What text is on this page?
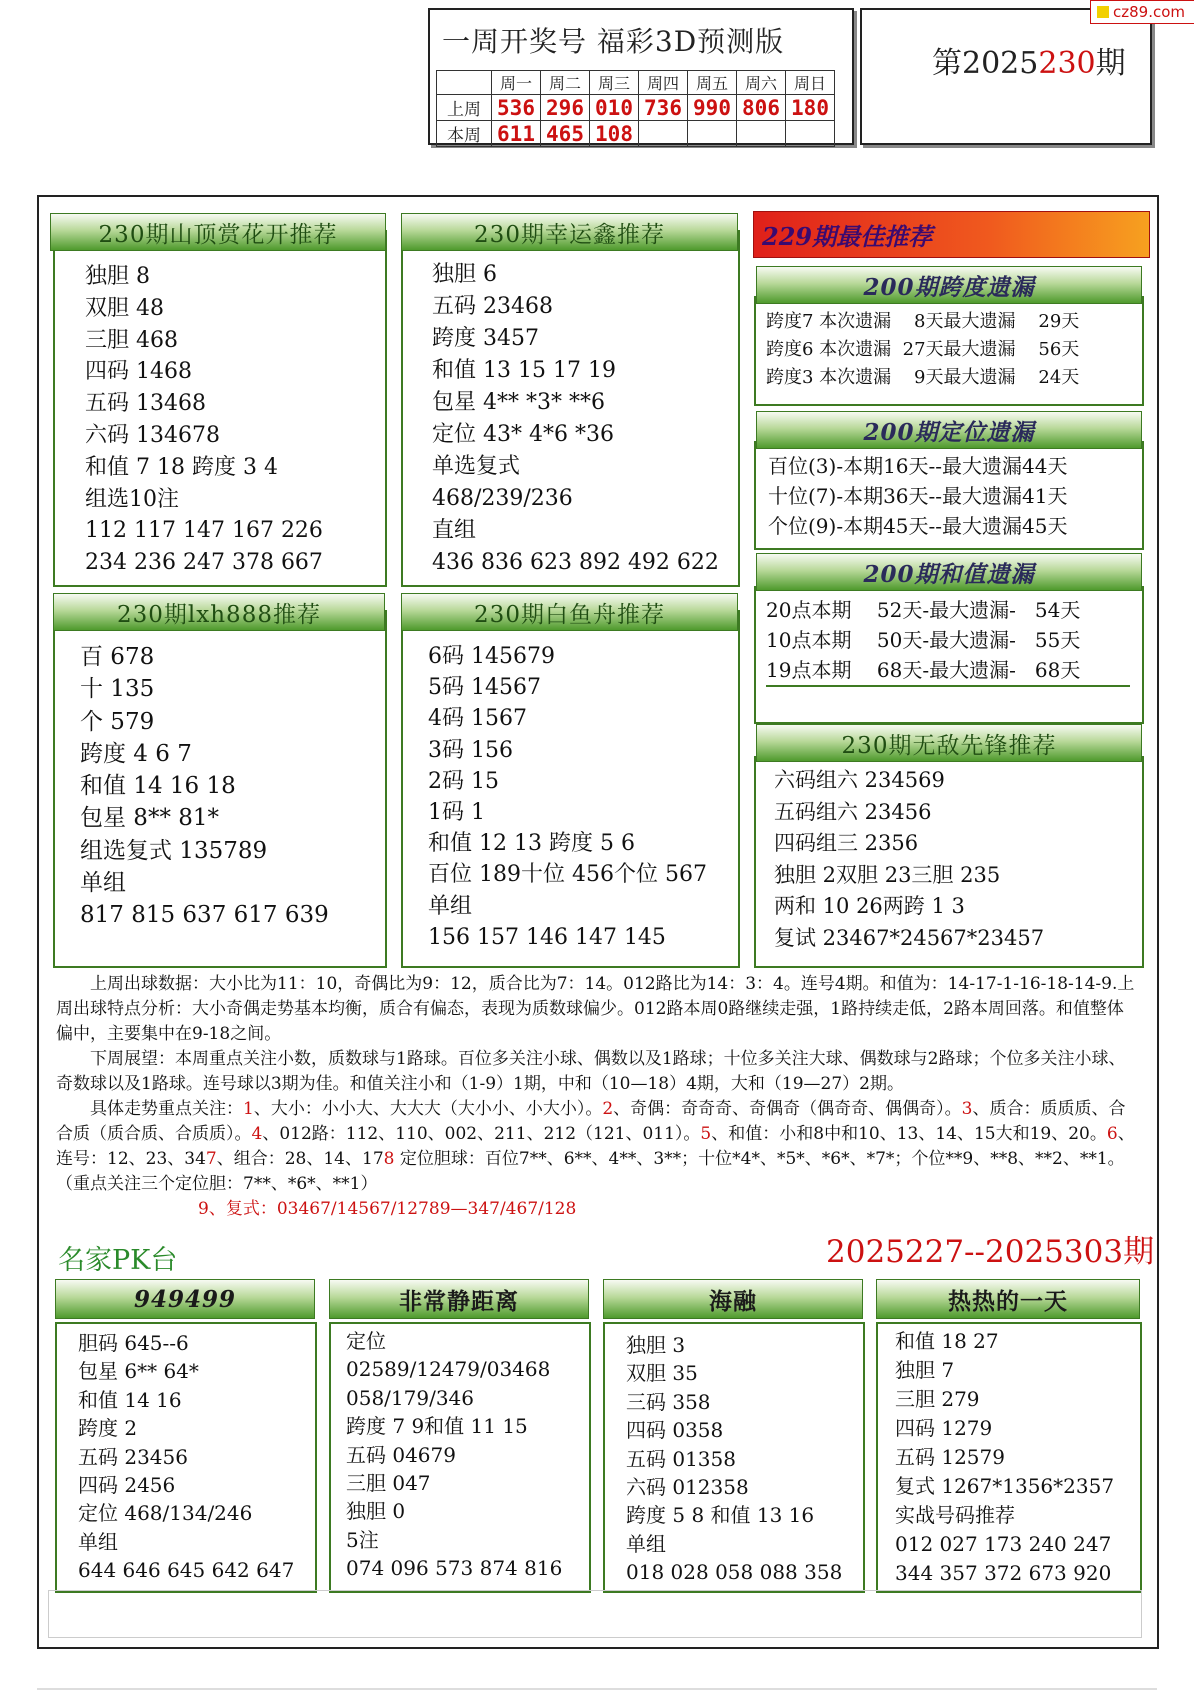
一周开奖号 福彩3D预测版
	周一	周二	周三	周四	周五	周六	周日
上周	536	296	010	736	990	806	180
本周	611	465	108				
第2025230期
cz89.com
230期山顶赏花开推荐
独胆 8
双胆 48
三胆 468
四码 1468
五码 13468
六码 134678
和值 7 18 跨度 3 4
组选10注
112 117 147 167 226
234 236 247 378 667
230期幸运鑫推荐
独胆 6
五码 23468
跨度 3457
和值 13 15 17 19
包星 4** *3* **6
定位 43* 4*6 *36
单选复式
468/239/236
直组
436 836 623 892 492 622
230期lxh888推荐
百 678
十 135
个 579
跨度 4 6 7
和值 14 16 18
包星 8** 81*
组选复式 135789
单组
817 815 637 617 639
230期白鱼舟推荐
6码 145679
5码 14567
4码 1567
3码 156
2码 15
1码 1
和值 12 13 跨度 5 6
百位 189十位 456个位 567
单组
156 157 146 147 145
229期最佳推荐
200期跨度遗漏
跨度7 本次遗漏    8天最大遗漏    29天
跨度6 本次遗漏  27天最大遗漏    56天
跨度3 本次遗漏    9天最大遗漏    24天
200期定位遗漏
百位(3)-本期16天--最大遗漏44天
十位(7)-本期36天--最大遗漏41天
个位(9)-本期45天--最大遗漏45天
200期和值遗漏
20点本期    52天-最大遗漏-   54天
10点本期    50天-最大遗漏-   55天
19点本期    68天-最大遗漏-   68天
230期无敌先锋推荐
六码组六 234569
五码组六 23456
四码组三 2356
独胆 2双胆 23三胆 235
两和 10 26两跨 1 3
复试 23467*24567*23457

上周出球数据：大小比为11：10，奇偶比为9：12，质合比为7：14。012路比为14：3：4。连号4期。和值为：14-17-1-16-18-14-9.上周出球特点分析：大小奇偶走势基本均衡，质合有偏态，表现为质数球偏少。012路本周0路继续走强，1路持续走低，2路本周回落。和值整体偏中，主要集中在9-18之间。

下周展望：本周重点关注小数，质数球与1路球。百位多关注小球、偶数以及1路球；十位多关注大球、偶数球与2路球；个位多关注小球、奇数球以及1路球。连号球以3期为佳。和值关注小和（1-9）1期，中和（10—18）4期，大和（19—27）2期。

具体走势重点关注：1、大小：小小大、大大大（大小小、小大小）。2、奇偶：奇奇奇、奇偶奇（偶奇奇、偶偶奇）。3、质合：质质质、合合质（质合质、合质质）。4、012路：112、110、002、211、212（121、011）。5、和值：小和8中和10、13、14、15大和19、20。6、连号：12、23、347、组合：28、14、178 定位胆球：百位7**、6**、4**、3**；十位*4*、*5*、*6*、*7*；个位**9、**8、**2、**1。（重点关注三个定位胆：7**、*6*、**1）

9、复式：03467/14567/12789—347/467/128

名家PK台	2025227--2025303期
949499
胆码 645--6
包星 6** 64*
和值 14 16
跨度 2
五码 23456
四码 2456
定位 468/134/246
单组
644 646 645 642 647
非常静距离
定位
02589/12479/03468
058/179/346
跨度 7 9和值 11 15
五码 04679
三胆 047
独胆 0
5注
074 096 573 874 816
海融
独胆 3
双胆 35
三码 358
四码 0358
五码 01358
六码 012358
跨度 5 8 和值 13 16
单组
018 028 058 088 358
热热的一天
和值 18 27
独胆 7
三胆 279
四码 1279
五码 12579
复式 1267*1356*2357
实战号码推荐
012 027 173 240 247
344 357 372 673 920
